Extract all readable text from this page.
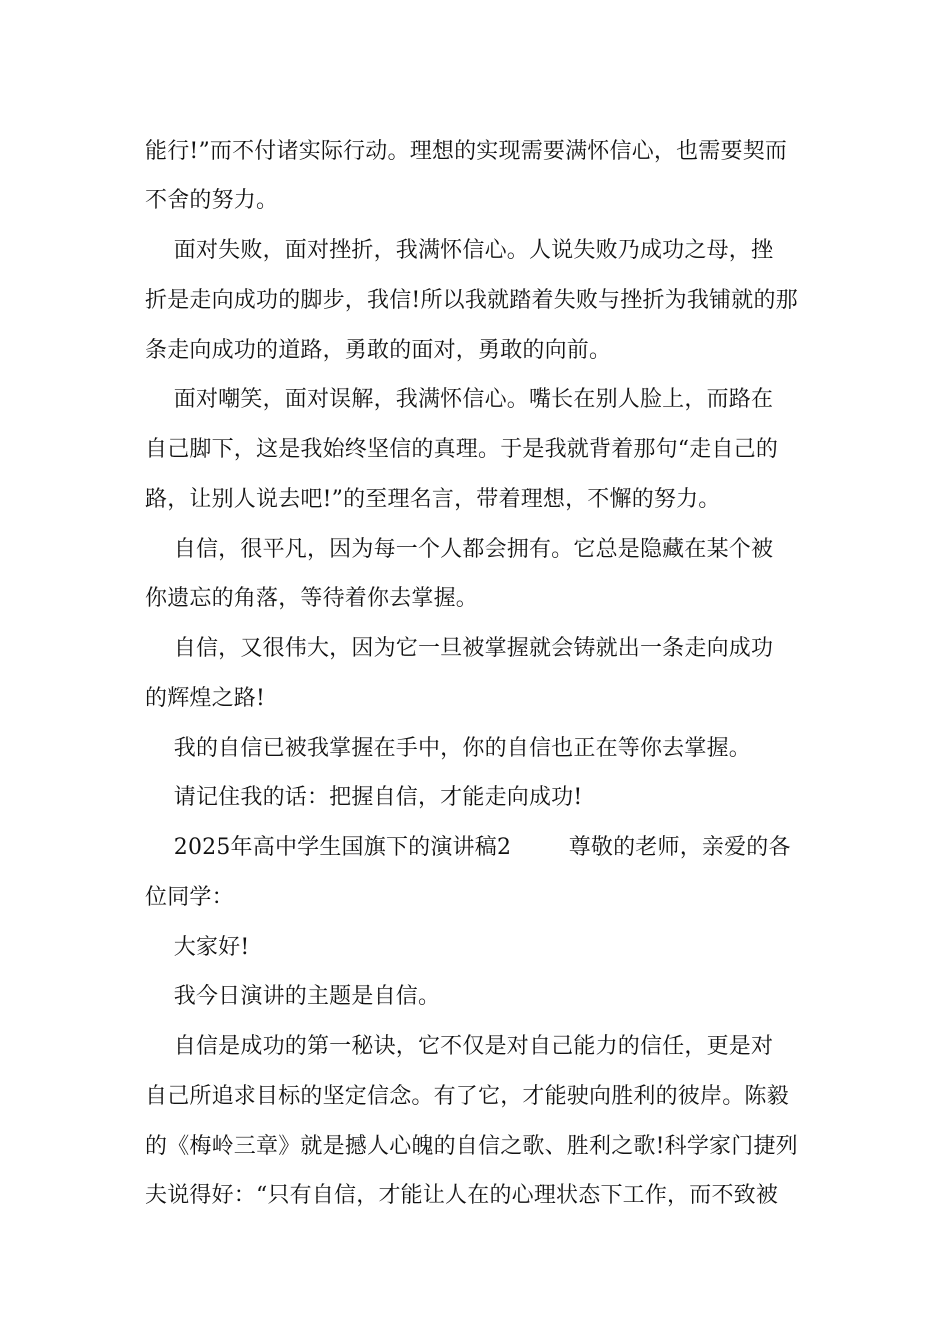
能行!”而不付诸实际行动。理想的实现需要满怀信心，也需要契而
不舍的努力。
面对失败，面对挫折，我满怀信心。人说失败乃成功之母，挫
折是走向成功的脚步，我信!所以我就踏着失败与挫折为我铺就的那
条走向成功的道路，勇敢的面对，勇敢的向前。
面对嘲笑，面对误解，我满怀信心。嘴长在别人脸上，而路在
自己脚下，这是我始终坚信的真理。于是我就背着那句“走自己的
路，让别人说去吧!”的至理名言，带着理想，不懈的努力。
自信，很平凡，因为每一个人都会拥有。它总是隐藏在某个被
你遗忘的角落，等待着你去掌握。
自信，又很伟大，因为它一旦被掌握就会铸就出一条走向成功
的辉煌之路!
我的自信已被我掌握在手中，你的自信也正在等你去掌握。
请记住我的话：把握自信，才能走向成功!
2025年高中学生国旗下的演讲稿2        尊敬的老师，亲爱的各
位同学：
大家好!
我今日演讲的主题是自信。
自信是成功的第一秘诀，它不仅是对自己能力的信任，更是对
自己所追求目标的坚定信念。有了它，才能驶向胜利的彼岸。陈毅
的《梅岭三章》就是撼人心魄的自信之歌、胜利之歌!科学家门捷列
夫说得好：“只有自信，才能让人在的心理状态下工作，而不致被
